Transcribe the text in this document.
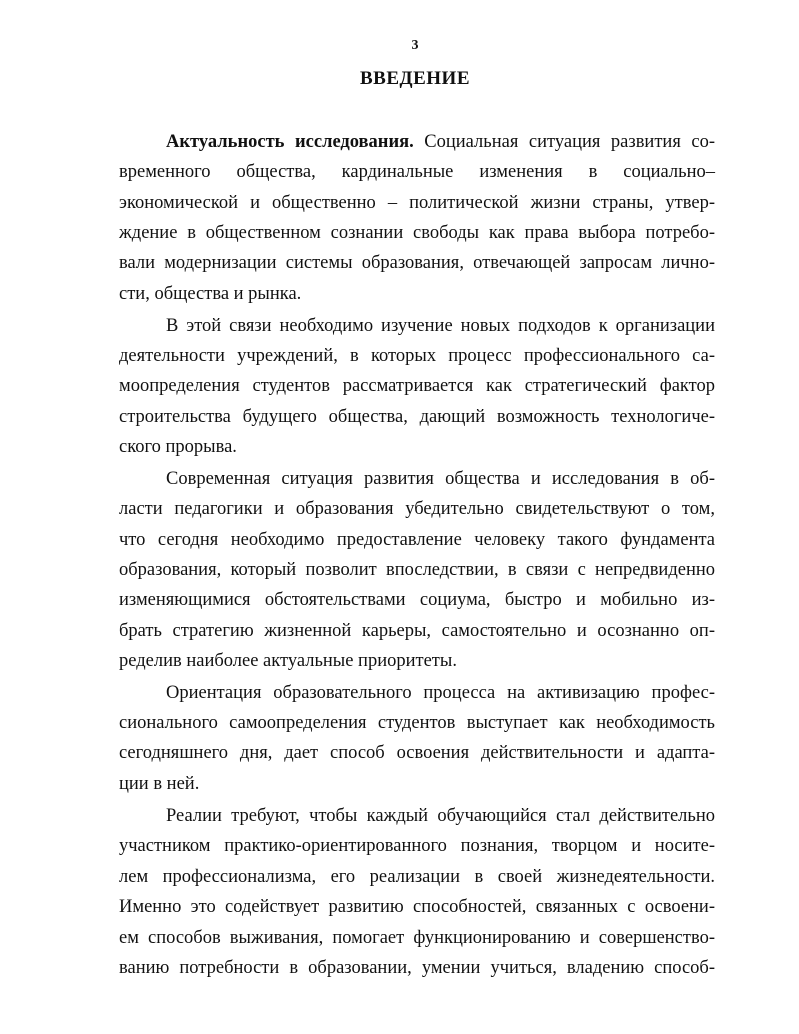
3
ВВЕДЕНИЕ
Актуальность исследования. Социальная ситуация развития со-
временного общества, кардинальные изменения в социально–
экономической и общественно – политической жизни страны, утвер-
ждение в общественном сознании свободы как права выбора потребо-
вали модернизации системы образования, отвечающей запросам лично-
сти, общества и рынка.
В этой связи необходимо изучение новых подходов к организации
деятельности учреждений, в которых процесс профессионального са-
моопределения студентов рассматривается как стратегический фактор
строительства будущего общества, дающий возможность технологиче-
ского прорыва.
Современная ситуация развития общества и исследования в об-
ласти педагогики и образования убедительно свидетельствуют о том,
что сегодня необходимо предоставление человеку такого фундамента
образования, который позволит впоследствии, в связи с непредвиденно
изменяющимися обстоятельствами социума, быстро и мобильно из-
брать стратегию жизненной карьеры, самостоятельно и осознанно оп-
ределив наиболее актуальные приоритеты.
Ориентация образовательного процесса на активизацию профес-
сионального самоопределения студентов выступает как необходимость
сегодняшнего дня, дает способ освоения действительности и адапта-
ции в ней.
Реалии требуют, чтобы каждый обучающийся стал действительно
участником практико-ориентированного познания, творцом и носите-
лем профессионализма, его реализации в своей жизнедеятельности.
Именно это содействует развитию способностей, связанных с освоени-
ем способов выживания, помогает функционированию и совершенство-
ванию потребности в образовании, умении учиться, владению способ-
